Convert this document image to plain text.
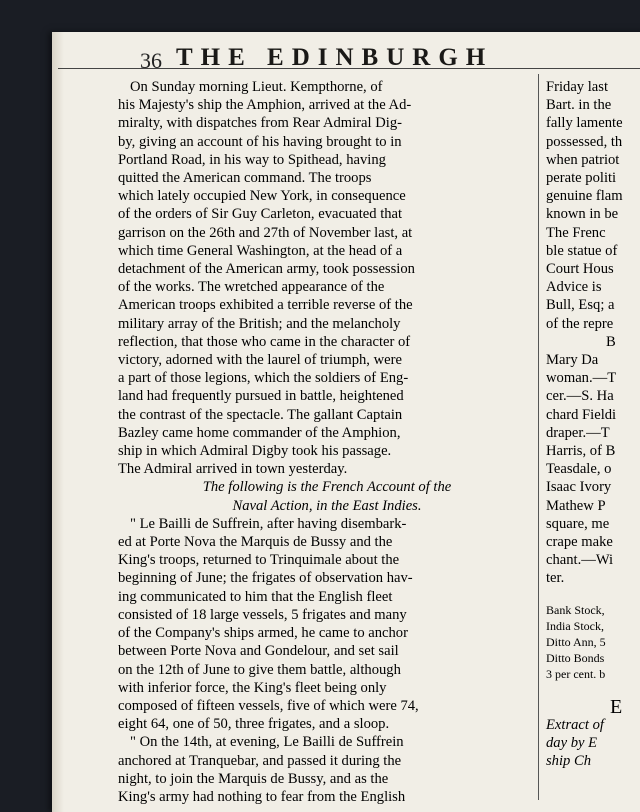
36 THE EDINBURGH
On Sunday morning Lieut. Kempthorne, of
his Majesty's ship the Amphion, arrived at the Ad-
miralty, with dispatches from Rear Admiral Dig-
by, giving an account of his having brought to in
Portland Road, in his way to Spithead, having
quitted the American command. The troops
which lately occupied New York, in consequence
of the orders of Sir Guy Carleton, evacuated that
garrison on the 26th and 27th of November last, at
which time General Washington, at the head of a
detachment of the American army, took possession
of the works. The wretched appearance of the
American troops exhibited a terrible reverse of the
military array of the British; and the melancholy
reflection, that those who came in the character of
victory, adorned with the laurel of triumph, were
a part of those legions, which the soldiers of Eng-
land had frequently pursued in battle, heightened
the contrast of the spectacle. The gallant Captain
Bazley came home commander of the Amphion,
ship in which Admiral Digby took his passage.
The Admiral arrived in town yesterday.
The following is the French Account of the
Naval Action, in the East Indies.
" Le Bailli de Suffrein, after having disembark-
ed at Porte Nova the Marquis de Bussy and the
King's troops, returned to Trinquimale about the
beginning of June; the frigates of observation hav-
ing communicated to him that the English fleet
consisted of 18 large vessels, 5 frigates and many
of the Company's ships armed, he came to anchor
between Porte Nova and Gondelour, and set sail
on the 12th of June to give them battle, although
with inferior force, the King's fleet being only
composed of fifteen vessels, five of which were 74,
eight 64, one of 50, three frigates, and a sloop.
" On the 14th, at evening, Le Bailli de Suffrein
anchored at Tranquebar, and passed it during the
night, to join the Marquis de Bussy, and as the
King's army had nothing to fear from the English
Friday last
Bart. in the
fally lamente
possessed, th
when patriot
perate politi
genuine flam
known in be
The Frenc
ble statue of
Court Hous
Advice is
Bull, Esq; a
of the repre
B
Mary Da
woman.—T
cer.—S. Ha
chard Fieldi
draper.—T
Harris, of B
Teasdale, o
Isaac Ivory
Mathew P
square, me
crape make
chant.—Wi
ter.
Bank Stock,
India Stock,
Ditto Ann, 5
Ditto Bonds
3 per cent. b
E
Extract of
day by E
ship Ch
